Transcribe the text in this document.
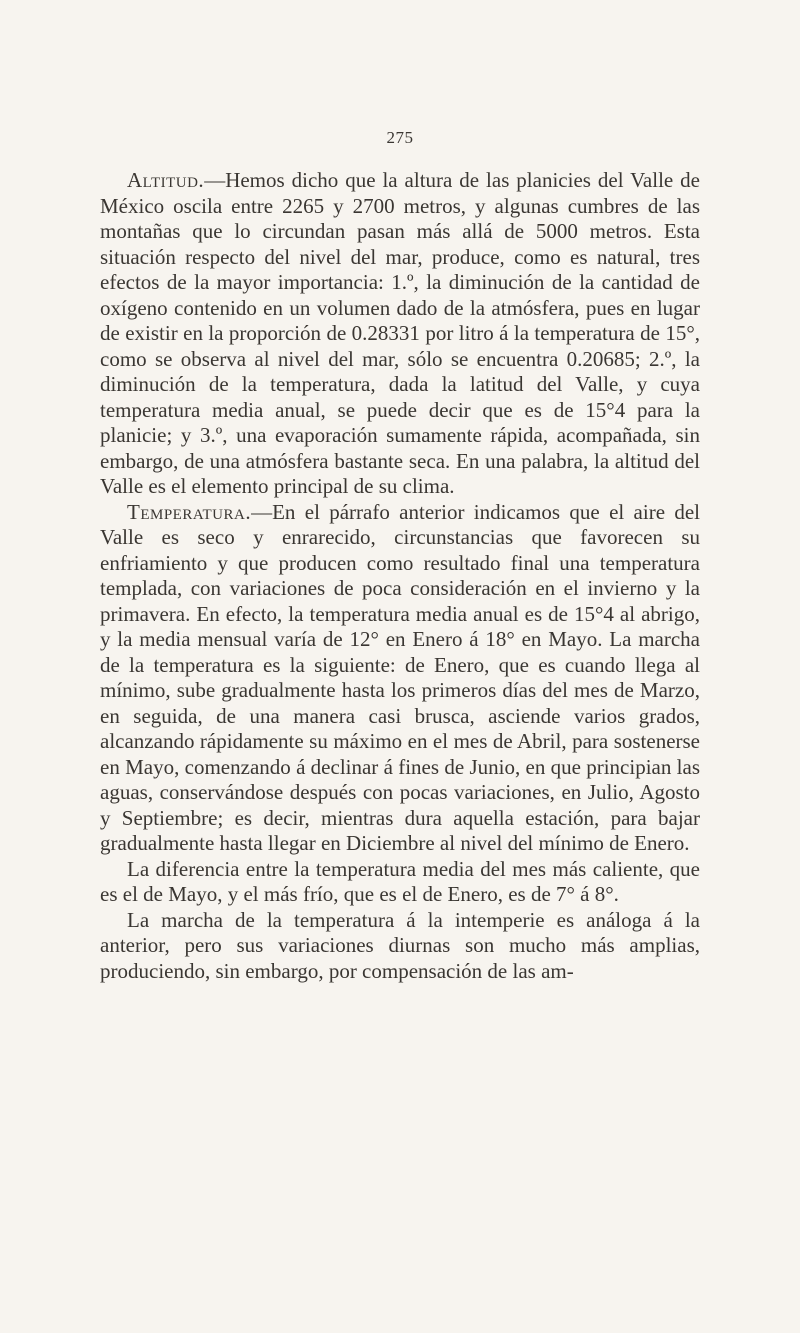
275

Altitud.—Hemos dicho que la altura de las planicies del Valle de México oscila entre 2265 y 2700 metros, y algunas cumbres de las montañas que lo circundan pasan más allá de 5000 metros. Esta situación respecto del nivel del mar, produce, como es natural, tres efectos de la mayor importancia: 1.º, la diminución de la cantidad de oxígeno contenido en un volumen dado de la atmósfera, pues en lugar de existir en la proporción de 0.28331 por litro á la temperatura de 15°, como se observa al nivel del mar, sólo se encuentra 0.20685; 2.º, la diminución de la temperatura, dada la latitud del Valle, y cuya temperatura media anual, se puede decir que es de 15°4 para la planicie; y 3.º, una evaporación sumamente rápida, acompañada, sin embargo, de una atmósfera bastante seca. En una palabra, la altitud del Valle es el elemento principal de su clima.

Temperatura.—En el párrafo anterior indicamos que el aire del Valle es seco y enrarecido, circunstancias que favorecen su enfriamiento y que producen como resultado final una temperatura templada, con variaciones de poca consideración en el invierno y la primavera. En efecto, la temperatura media anual es de 15°4 al abrigo, y la media mensual varía de 12° en Enero á 18° en Mayo. La marcha de la temperatura es la siguiente: de Enero, que es cuando llega al mínimo, sube gradualmente hasta los primeros días del mes de Marzo, en seguida, de una manera casi brusca, asciende varios grados, alcanzando rápidamente su máximo en el mes de Abril, para sostenerse en Mayo, comenzando á declinar á fines de Junio, en que principian las aguas, conservándose después con pocas variaciones, en Julio, Agosto y Septiembre; es decir, mientras dura aquella estación, para bajar gradualmente hasta llegar en Diciembre al nivel del mínimo de Enero.

La diferencia entre la temperatura media del mes más caliente, que es el de Mayo, y el más frío, que es el de Enero, es de 7° á 8°.

La marcha de la temperatura á la intemperie es análoga á la anterior, pero sus variaciones diurnas son mucho más amplias, produciendo, sin embargo, por compensación de las am-
